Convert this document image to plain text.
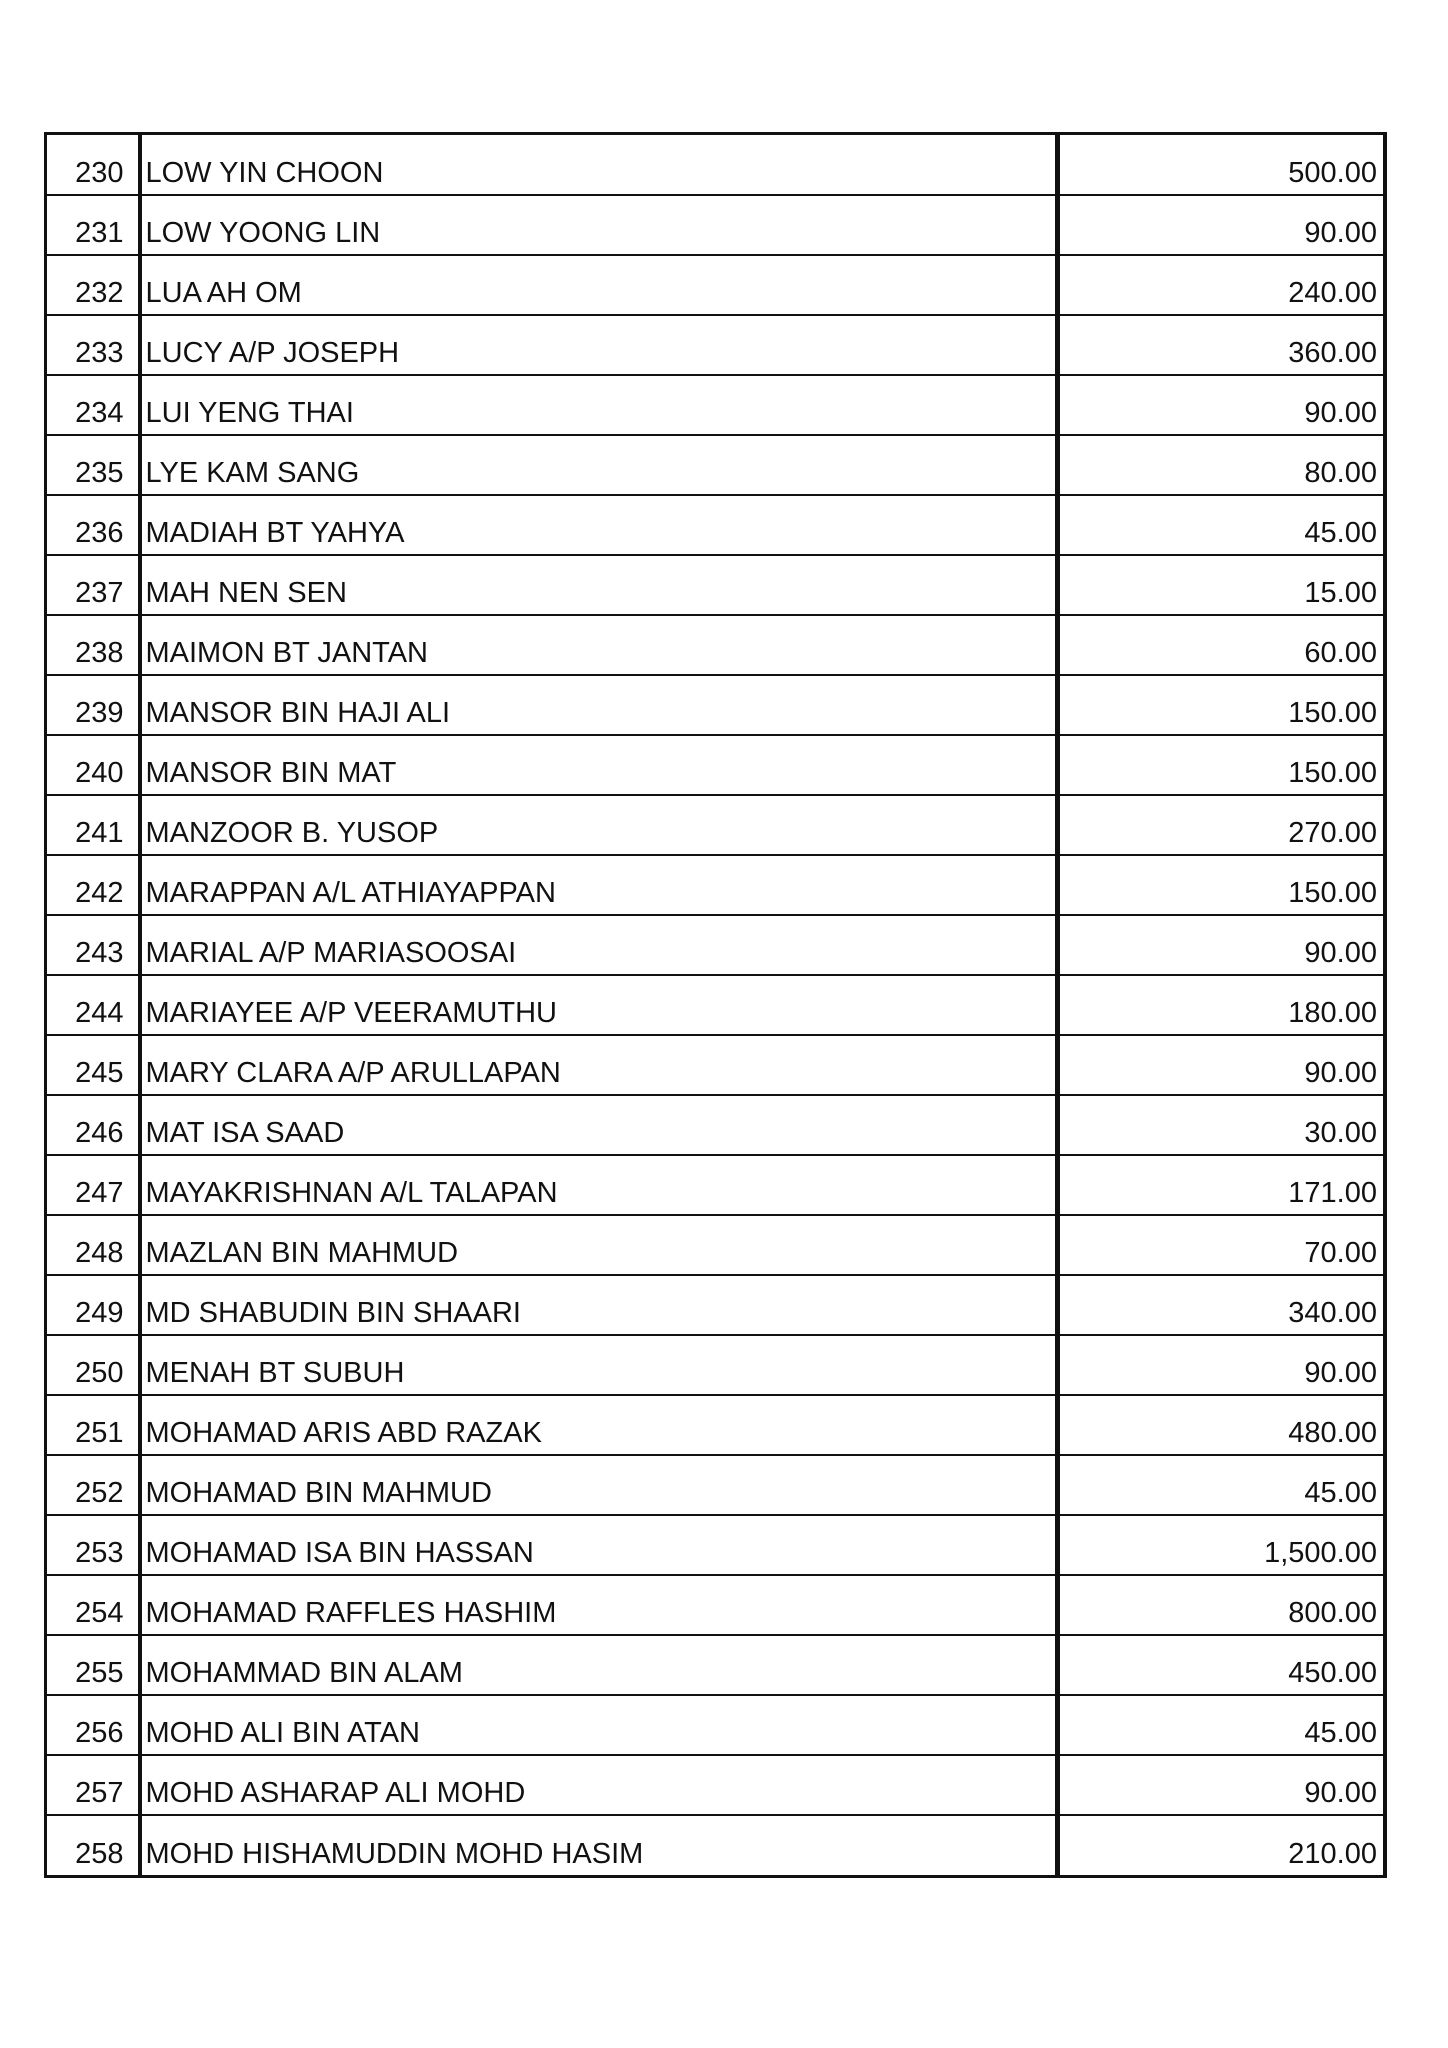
230	LOW YIN CHOON	500.00
231	LOW YOONG LIN	90.00
232	LUA AH OM	240.00
233	LUCY A/P JOSEPH	360.00
234	LUI YENG THAI	90.00
235	LYE KAM SANG	80.00
236	MADIAH BT YAHYA	45.00
237	MAH NEN SEN	15.00
238	MAIMON BT JANTAN	60.00
239	MANSOR BIN HAJI ALI	150.00
240	MANSOR BIN MAT	150.00
241	MANZOOR B. YUSOP	270.00
242	MARAPPAN A/L ATHIAYAPPAN	150.00
243	MARIAL A/P MARIASOOSAI	90.00
244	MARIAYEE A/P VEERAMUTHU	180.00
245	MARY CLARA A/P ARULLAPAN	90.00
246	MAT ISA SAAD	30.00
247	MAYAKRISHNAN A/L TALAPAN	171.00
248	MAZLAN BIN MAHMUD	70.00
249	MD SHABUDIN BIN SHAARI	340.00
250	MENAH BT SUBUH	90.00
251	MOHAMAD ARIS ABD RAZAK	480.00
252	MOHAMAD BIN MAHMUD	45.00
253	MOHAMAD ISA BIN HASSAN	1,500.00
254	MOHAMAD RAFFLES HASHIM	800.00
255	MOHAMMAD BIN ALAM	450.00
256	MOHD ALI BIN ATAN	45.00
257	MOHD ASHARAP ALI MOHD	90.00
258	MOHD HISHAMUDDIN MOHD HASIM	210.00
